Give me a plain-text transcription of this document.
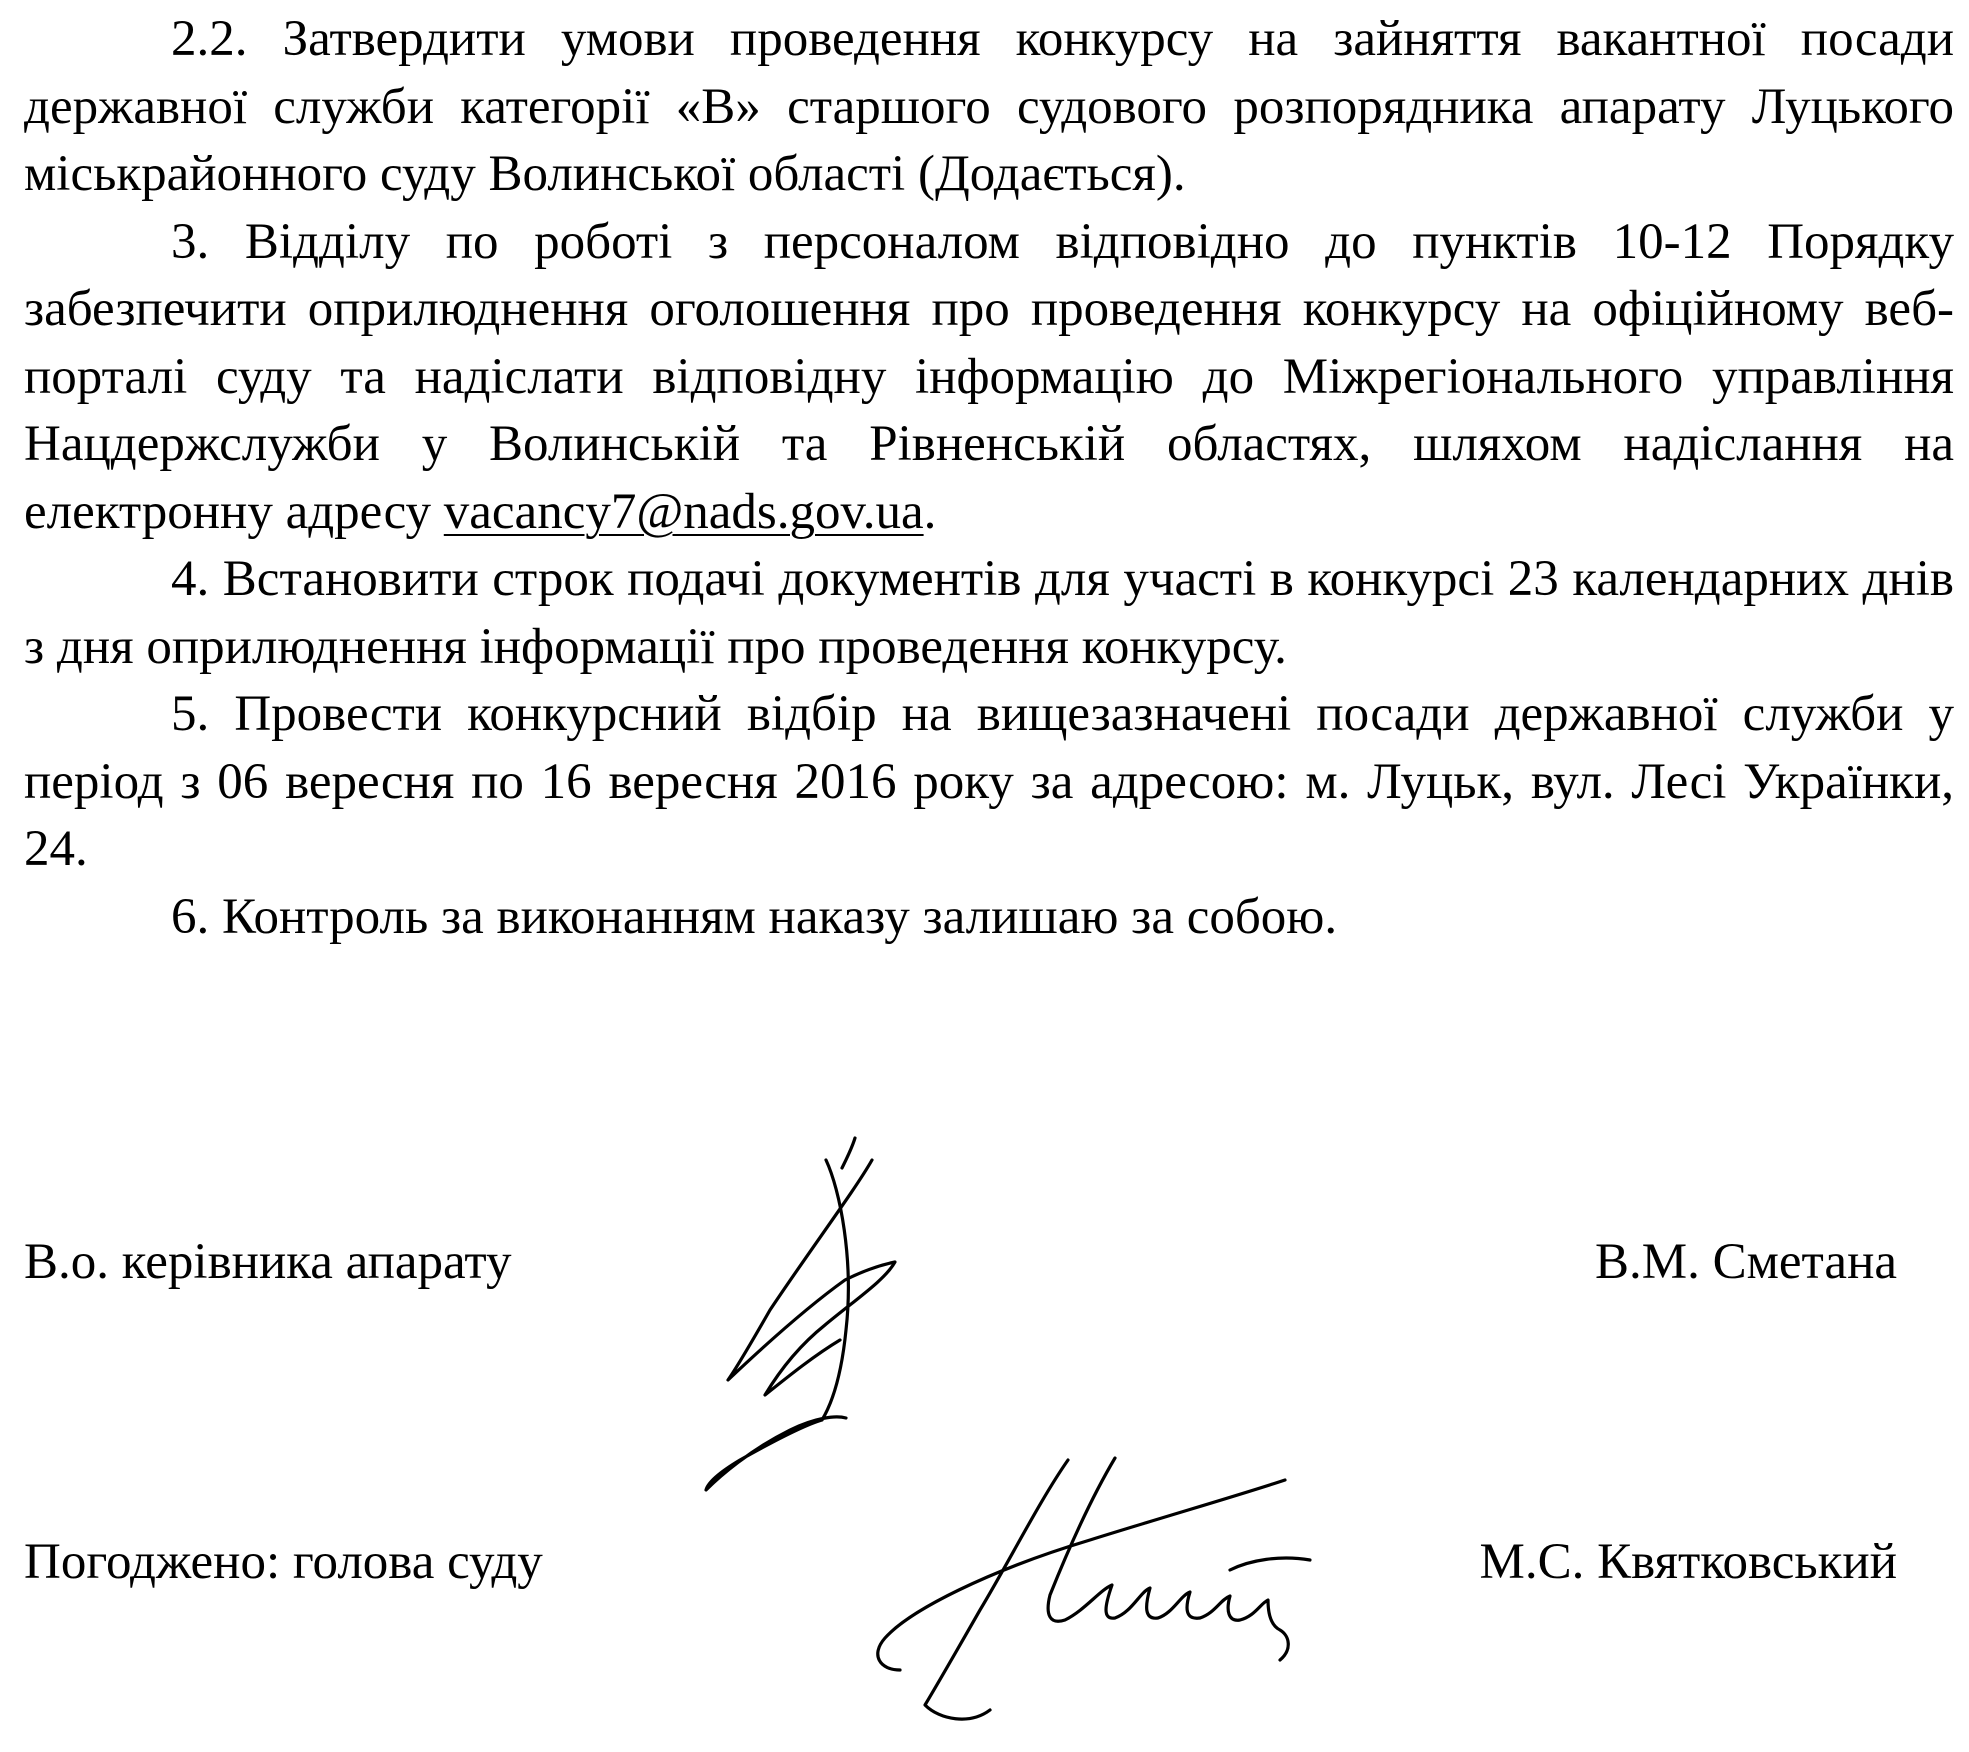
2.2. Затвердити умови проведення конкурсу на зайняття вакантної посади державної служби категорії «В» старшого судового розпорядника апарату Луцького міськрайонного суду Волинської області (Додається).

3. Відділу по роботі з персоналом відповідно до пунктів 10-12 Порядку забезпечити оприлюднення оголошення про проведення конкурсу на офіційному веб-порталі суду та надіслати відповідну інформацію до Міжрегіонального управління Нацдержслужби у Волинській та Рівненській областях, шляхом надіслання на електронну адресу vacancy7@nads.gov.ua.

4. Встановити строк подачі документів для участі в конкурсі 23 календарних днів з дня оприлюднення інформації про проведення конкурсу.

5. Провести конкурсний відбір на вищезазначені посади державної служби у період з 06 вересня по 16 вересня 2016 року за адресою: м. Луцьк, вул. Лесі Українки, 24.

6. Контроль за виконанням наказу залишаю за собою.

В.о. керівника апарату	В.М. Сметана
Погоджено: голова суду	М.С. Квятковський
